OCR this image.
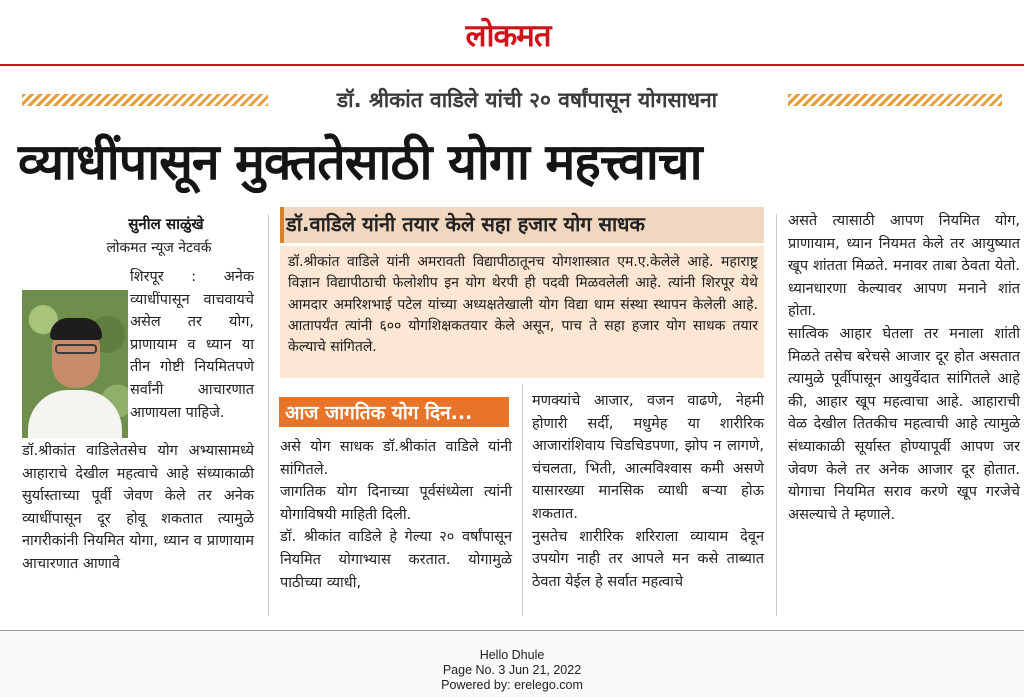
लोकमत
डॉ. श्रीकांत वाडिले यांची २० वर्षांपासून योगसाधना
व्याधींपासून मुक्ततेसाठी योगा महत्त्वाचा
सुनील साळुंखे
लोकमत न्यूज नेटवर्क

शिरपूर : अनेक व्याधींपासून वाचवायचे असेल तर योग, प्राणायाम व ध्यान या तीन गोष्टी नियमितपणे सर्वांनी आचारणात आणायला पाहिजे.

डॉ.श्रीकांत वाडिलेतसेच योग अभ्यासामध्ये आहाराचे देखील महत्वाचे आहे संध्याकाळी सुर्यास्ताच्या पूर्वी जेवण केले तर अनेक व्याधींपासून दूर होवू शकतात त्यामुळे नागरीकांनी नियमित योगा, ध्यान व प्राणायाम आचारणात आणावे

डॉ.वाडिले यांनी तयार केले सहा हजार योग साधक
डॉ.श्रीकांत वाडिले यांनी अमरावती विद्यापीठातूनच योगशास्त्रात एम.ए.केलेले आहे. महाराष्ट्र विज्ञान विद्यापीठाची फेलोशीप इन योग थेरपी ही पदवी मिळवलेली आहे. त्यांनी शिरपूर येथे आमदार अमरिशभाई पटेल यांच्या अध्यक्षतेखाली योग विद्या धाम संस्था स्थापन केलेली आहे. आतापर्यंत त्यांनी ६०० योगशिक्षकतयार केले असून, पाच ते सहा हजार योग साधक तयार केल्याचे सांगितले.
आज जागतिक योग दिन...

असे योग साधक डॉ.श्रीकांत वाडिले यांनी सांगितले.

जागतिक योग दिनाच्या पूर्वसंध्येला त्यांनी योगाविषयी माहिती दिली.

डॉ. श्रीकांत वाडिले हे गेल्या २० वर्षांपासून नियमित योगाभ्यास करतात. योगामुळे पाठीच्या व्याधी,

मणक्यांचे आजार, वजन वाढणे, नेहमी होणारी सर्दी, मधुमेह या शारीरिक आजारांशिवाय चिडचिडपणा, झोप न लागणे, चंचलता, भिती, आत्मविश्वास कमी असणे यासारख्या मानसिक व्याधी बऱ्या होऊ शकतात.

नुसतेच शारीरिक शरिराला व्यायाम देवून उपयोग नाही तर आपले मन कसे ताब्यात ठेवता येईल हे सर्वात महत्वाचे

असते त्यासाठी आपण नियमित योग, प्राणायाम, ध्यान नियमत केले तर आयुष्यात खूप शांतता मिळते. मनावर ताबा ठेवता येतो. ध्यानधारणा केल्यावर आपण मनाने शांत होता.

सात्विक आहार घेतला तर मनाला शांती मिळते तसेच बरेचसे आजार दूर होत असतात त्यामुळे पूर्वीपासून आयुर्वेदात सांगितले आहे की, आहार खूप महत्वाचा आहे. आहाराची वेळ देखील तितकीच महत्वाची आहे त्यामुळे संध्याकाळी सूर्यास्त होण्यापूर्वी आपण जर जेवण केले तर अनेक आजार दूर होतात. योगाचा नियमित सराव करणे खूप गरजेचे असल्याचे ते म्हणाले.

Hello Dhule
Page No. 3 Jun 21, 2022
Powered by: erelego.com
